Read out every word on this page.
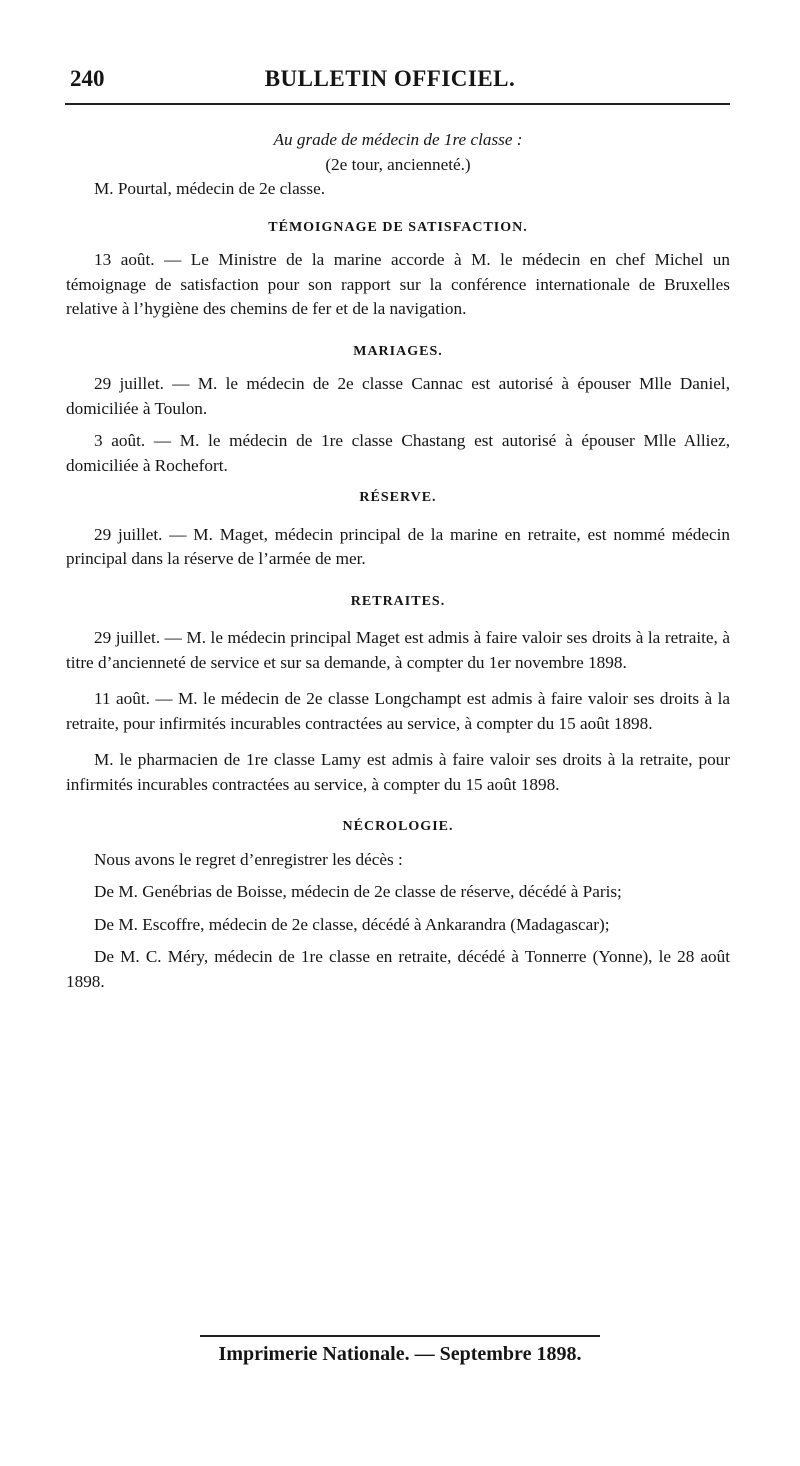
240	BULLETIN OFFICIEL.
Au grade de médecin de 1re classe :
(2e tour, ancienneté.)

M. Pourtal, médecin de 2e classe.

TÉMOIGNAGE DE SATISFACTION.

13 août. — Le Ministre de la marine accorde à M. le médecin en chef Michel un témoignage de satisfaction pour son rapport sur la conférence internationale de Bruxelles relative à l’hygiène des chemins de fer et de la navigation.

MARIAGES.

29 juillet. — M. le médecin de 2e classe Cannac est autorisé à épouser Mlle Daniel, domiciliée à Toulon.

3 août. — M. le médecin de 1re classe Chastang est autorisé à épouser Mlle Alliez, domiciliée à Rochefort.

RÉSERVE.

29 juillet. — M. Maget, médecin principal de la marine en retraite, est nommé médecin principal dans la réserve de l’armée de mer.

RETRAITES.

29 juillet. — M. le médecin principal Maget est admis à faire valoir ses droits à la retraite, à titre d’ancienneté de service et sur sa demande, à compter du 1er novembre 1898.

11 août. — M. le médecin de 2e classe Longchampt est admis à faire valoir ses droits à la retraite, pour infirmités incurables contractées au service, à compter du 15 août 1898.

M. le pharmacien de 1re classe Lamy est admis à faire valoir ses droits à la retraite, pour infirmités incurables contractées au service, à compter du 15 août 1898.

NÉCROLOGIE.

Nous avons le regret d’enregistrer les décès :

De M. Genébrias de Boisse, médecin de 2e classe de réserve, décédé à Paris;

De M. Escoffre, médecin de 2e classe, décédé à Ankarandra (Madagascar);

De M. C. Méry, médecin de 1re classe en retraite, décédé à Tonnerre (Yonne), le 28 août 1898.

Imprimerie Nationale. — Septembre 1898.
